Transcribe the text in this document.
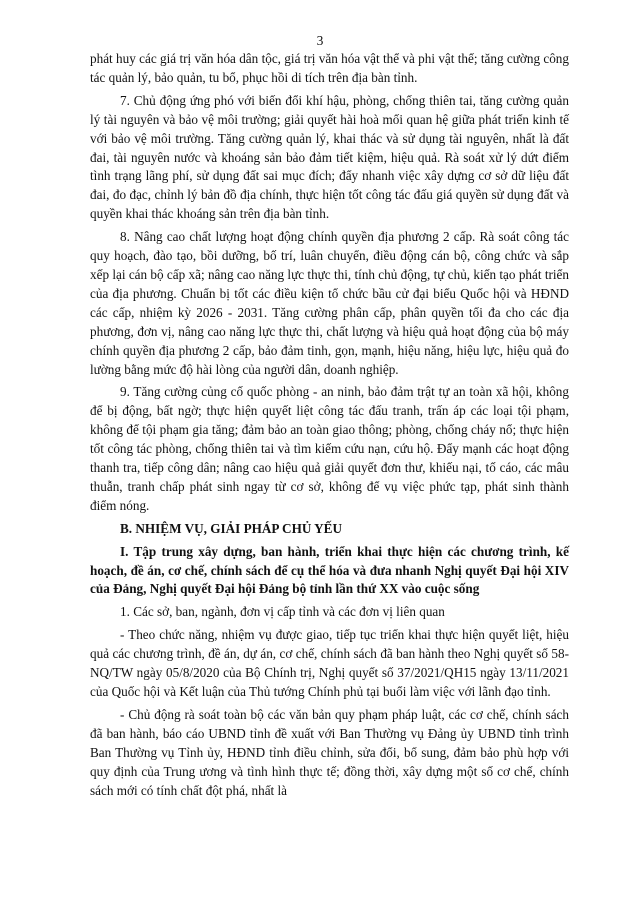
3

phát huy các giá trị văn hóa dân tộc, giá trị văn hóa vật thể và phi vật thể; tăng cường công tác quản lý, bảo quản, tu bổ, phục hồi di tích trên địa bàn tỉnh.

7. Chủ động ứng phó với biến đổi khí hậu, phòng, chống thiên tai, tăng cường quản lý tài nguyên và bảo vệ môi trường; giải quyết hài hoà mối quan hệ giữa phát triển kinh tế với bảo vệ môi trường. Tăng cường quản lý, khai thác và sử dụng tài nguyên, nhất là đất đai, tài nguyên nước và khoáng sản bảo đảm tiết kiệm, hiệu quả. Rà soát xử lý dứt điểm tình trạng lãng phí, sử dụng đất sai mục đích; đẩy nhanh việc xây dựng cơ sở dữ liệu đất đai, đo đạc, chỉnh lý bản đồ địa chính, thực hiện tốt công tác đấu giá quyền sử dụng đất và quyền khai thác khoáng sản trên địa bàn tỉnh.

8. Nâng cao chất lượng hoạt động chính quyền địa phương 2 cấp. Rà soát công tác quy hoạch, đào tạo, bồi dưỡng, bố trí, luân chuyển, điều động cán bộ, công chức và sắp xếp lại cán bộ cấp xã; nâng cao năng lực thực thi, tính chủ động, tự chủ, kiến tạo phát triển của địa phương. Chuẩn bị tốt các điều kiện tổ chức bầu cử đại biểu Quốc hội và HĐND các cấp, nhiệm kỳ 2026 - 2031. Tăng cường phân cấp, phân quyền tối đa cho các địa phương, đơn vị, nâng cao năng lực thực thi, chất lượng và hiệu quả hoạt động của bộ máy chính quyền địa phương 2 cấp, bảo đảm tinh, gọn, mạnh, hiệu năng, hiệu lực, hiệu quả đo lường bằng mức độ hài lòng của người dân, doanh nghiệp.

9. Tăng cường củng cố quốc phòng - an ninh, bảo đảm trật tự an toàn xã hội, không để bị động, bất ngờ; thực hiện quyết liệt công tác đấu tranh, trấn áp các loại tội phạm, không để tội phạm gia tăng; đảm bảo an toàn giao thông; phòng, chống cháy nổ; thực hiện tốt công tác phòng, chống thiên tai và tìm kiếm cứu nạn, cứu hộ. Đẩy mạnh các hoạt động thanh tra, tiếp công dân; nâng cao hiệu quả giải quyết đơn thư, khiếu nại, tố cáo, các mâu thuẫn, tranh chấp phát sinh ngay từ cơ sở, không để vụ việc phức tạp, phát sinh thành điểm nóng.

B. NHIỆM VỤ, GIẢI PHÁP CHỦ YẾU

I. Tập trung xây dựng, ban hành, triển khai thực hiện các chương trình, kế hoạch, đề án, cơ chế, chính sách để cụ thể hóa và đưa nhanh Nghị quyết Đại hội XIV của Đảng, Nghị quyết Đại hội Đảng bộ tỉnh lần thứ XX vào cuộc sống

1. Các sở, ban, ngành, đơn vị cấp tỉnh và các đơn vị liên quan

- Theo chức năng, nhiệm vụ được giao, tiếp tục triển khai thực hiện quyết liệt, hiệu quả các chương trình, đề án, dự án, cơ chế, chính sách đã ban hành theo Nghị quyết số 58-NQ/TW ngày 05/8/2020 của Bộ Chính trị, Nghị quyết số 37/2021/QH15 ngày 13/11/2021 của Quốc hội và Kết luận của Thủ tướng Chính phủ tại buổi làm việc với lãnh đạo tỉnh.

- Chủ động rà soát toàn bộ các văn bản quy phạm pháp luật, các cơ chế, chính sách đã ban hành, báo cáo UBND tỉnh đề xuất với Ban Thường vụ Đảng ủy UBND tỉnh trình Ban Thường vụ Tỉnh ủy, HĐND tỉnh điều chỉnh, sửa đổi, bổ sung, đảm bảo phù hợp với quy định của Trung ương và tình hình thực tế; đồng thời, xây dựng một số cơ chế, chính sách mới có tính chất đột phá, nhất là
